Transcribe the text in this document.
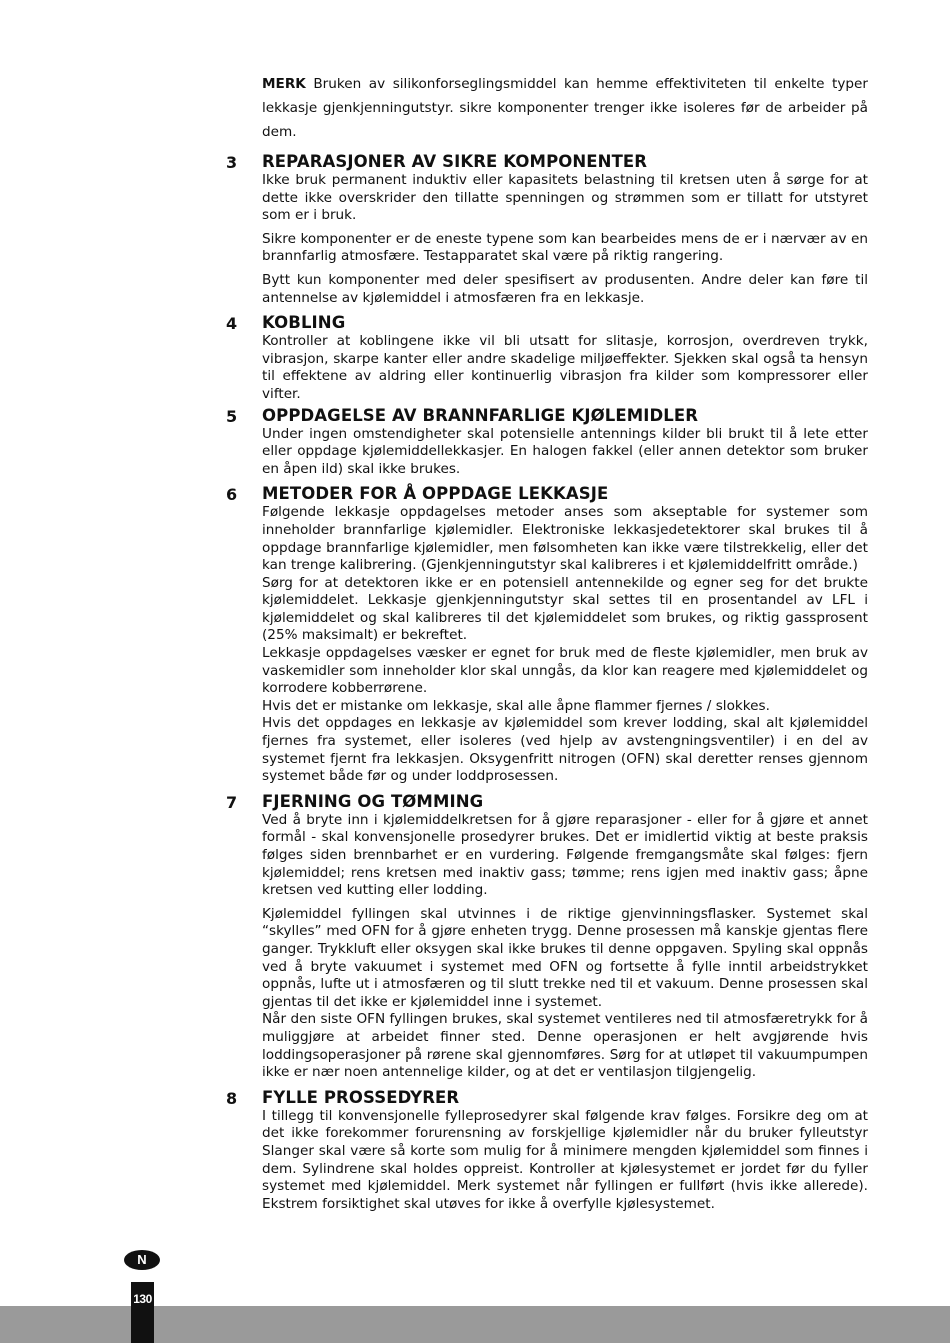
MERK Bruken av silikonforseglingsmiddel kan hemme effektiviteten til enkelte typer lekkasje gjenkjenningutstyr. sikre komponenter trenger ikke isoleres før de arbeider på dem.

3 REPARASJONER AV SIKRE KOMPONENTER

Ikke bruk permanent induktiv eller kapasitets belastning til kretsen uten å sørge for at dette ikke overskrider den tillatte spenningen og strømmen som er tillatt for utstyret som er i bruk.

Sikre komponenter er de eneste typene som kan bearbeides mens de er i nærvær av en brannfarlig atmosfære. Testapparatet skal være på riktig rangering.

Bytt kun komponenter med deler spesifisert av produsenten. Andre deler kan føre til antennelse av kjølemiddel i atmosfæren fra en lekkasje.

4 KOBLING

Kontroller at koblingene ikke vil bli utsatt for slitasje, korrosjon, overdreven trykk, vibrasjon, skarpe kanter eller andre skadelige miljøeffekter. Sjekken skal også ta hensyn til effektene av aldring eller kontinuerlig vibrasjon fra kilder som kompressorer eller vifter.

5 OPPDAGELSE AV BRANNFARLIGE KJØLEMIDLER

Under ingen omstendigheter skal potensielle antennings kilder bli brukt til å lete etter eller oppdage kjølemiddellekkasjer. En halogen fakkel (eller annen detektor som bruker en åpen ild) skal ikke brukes.

6 METODER FOR Å OPPDAGE LEKKASJE

Følgende lekkasje oppdagelses metoder anses som akseptable for systemer som inneholder brannfarlige kjølemidler. Elektroniske lekkasjedetektorer skal brukes til å oppdage brannfarlige kjølemidler, men følsomheten kan ikke være tilstrekkelig, eller det kan trenge kalibrering. (Gjenkjenningutstyr skal kalibreres i et kjølemiddelfritt område.)

Sørg for at detektoren ikke er en potensiell antennekilde og egner seg for det brukte kjølemiddelet. Lekkasje gjenkjenningutstyr skal settes til en prosentandel av LFL i kjølemiddelet og skal kalibreres til det kjølemiddelet som brukes, og riktig gassprosent (25% maksimalt) er bekreftet.

Lekkasje oppdagelses væsker er egnet for bruk med de fleste kjølemidler, men bruk av vaskemidler som inneholder klor skal unngås, da klor kan reagere med kjølemiddelet og korrodere kobberrørene.

Hvis det er mistanke om lekkasje, skal alle åpne flammer fjernes / slokkes.

Hvis det oppdages en lekkasje av kjølemiddel som krever lodding, skal alt kjølemiddel fjernes fra systemet, eller isoleres (ved hjelp av avstengningsventiler) i en del av systemet fjernt fra lekkasjen. Oksygenfritt nitrogen (OFN) skal deretter renses gjennom systemet både før og under loddprosessen.

7 FJERNING OG TØMMING

Ved å bryte inn i kjølemiddelkretsen for å gjøre reparasjoner - eller for å gjøre et annet formål - skal konvensjonelle prosedyrer brukes. Det er imidlertid viktig at beste praksis følges siden brennbarhet er en vurdering. Følgende fremgangsmåte skal følges: fjern kjølemiddel; rens kretsen med inaktiv gass; tømme; rens igjen med inaktiv gass; åpne kretsen ved kutting eller lodding.

Kjølemiddel fyllingen skal utvinnes i de riktige gjenvinningsflasker. Systemet skal “skylles” med OFN for å gjøre enheten trygg. Denne prosessen må kanskje gjentas flere ganger. Trykkluft eller oksygen skal ikke brukes til denne oppgaven. Spyling skal oppnås ved å bryte vakuumet i systemet med OFN og fortsette å fylle inntil arbeidstrykket oppnås, lufte ut i atmosfæren og til slutt trekke ned til et vakuum. Denne prosessen skal gjentas til det ikke er kjølemiddel inne i systemet.

Når den siste OFN fyllingen brukes, skal systemet ventileres ned til atmosfæretrykk for å muliggjøre at arbeidet finner sted. Denne operasjonen er helt avgjørende hvis loddingsoperasjoner på rørene skal gjennomføres. Sørg for at utløpet til vakuumpumpen ikke er nær noen antennelige kilder, og at det er ventilasjon tilgjengelig.

8 FYLLE PROSSEDYRER

I tillegg til konvensjonelle fylleprosedyrer skal følgende krav følges. Forsikre deg om at det ikke forekommer forurensning av forskjellige kjølemidler når du bruker fylleutstyr Slanger skal være så korte som mulig for å minimere mengden kjølemiddel som finnes i dem. Sylindrene skal holdes oppreist. Kontroller at kjølesystemet er jordet før du fyller systemet med kjølemiddel. Merk systemet når fyllingen er fullført (hvis ikke allerede). Ekstrem forsiktighet skal utøves for ikke å overfylle kjølesystemet.

N
130
